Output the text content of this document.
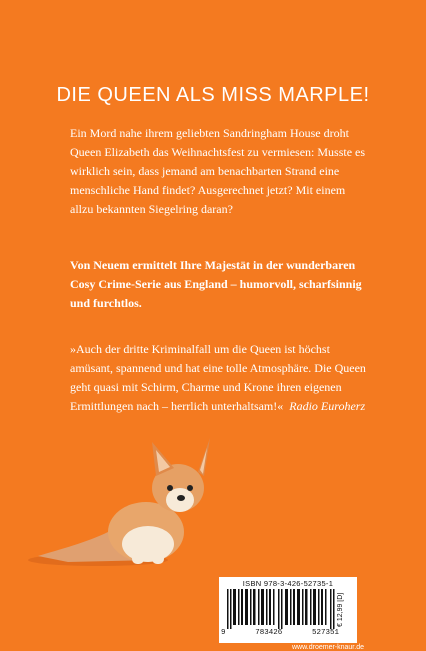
DIE QUEEN ALS MISS MARPLE!

Ein Mord nahe ihrem geliebten Sandringham House droht Queen Elizabeth das Weihnachtsfest zu vermiesen: Musste es wirklich sein, dass jemand am benachbarten Strand eine menschliche Hand findet? Ausgerechnet jetzt? Mit einem allzu bekannten Siegelring daran?

Von Neuem ermittelt Ihre Majestät in der wunderbaren Cosy Crime-Serie aus England – humorvoll, scharfsinnig und furchtlos.

»Auch der dritte Kriminalfall um die Queen ist höchst amüsant, spannend und hat eine tolle Atmosphäre. Die Queen geht quasi mit Schirm, Charme und Krone ihren eigenen Ermittlungen nach – herrlich unterhaltsam!« Radio Euroherz

ISBN 978-3-426-52735-1
€ 12,99 [D]
9	783426	527351
www.droemer-knaur.de
